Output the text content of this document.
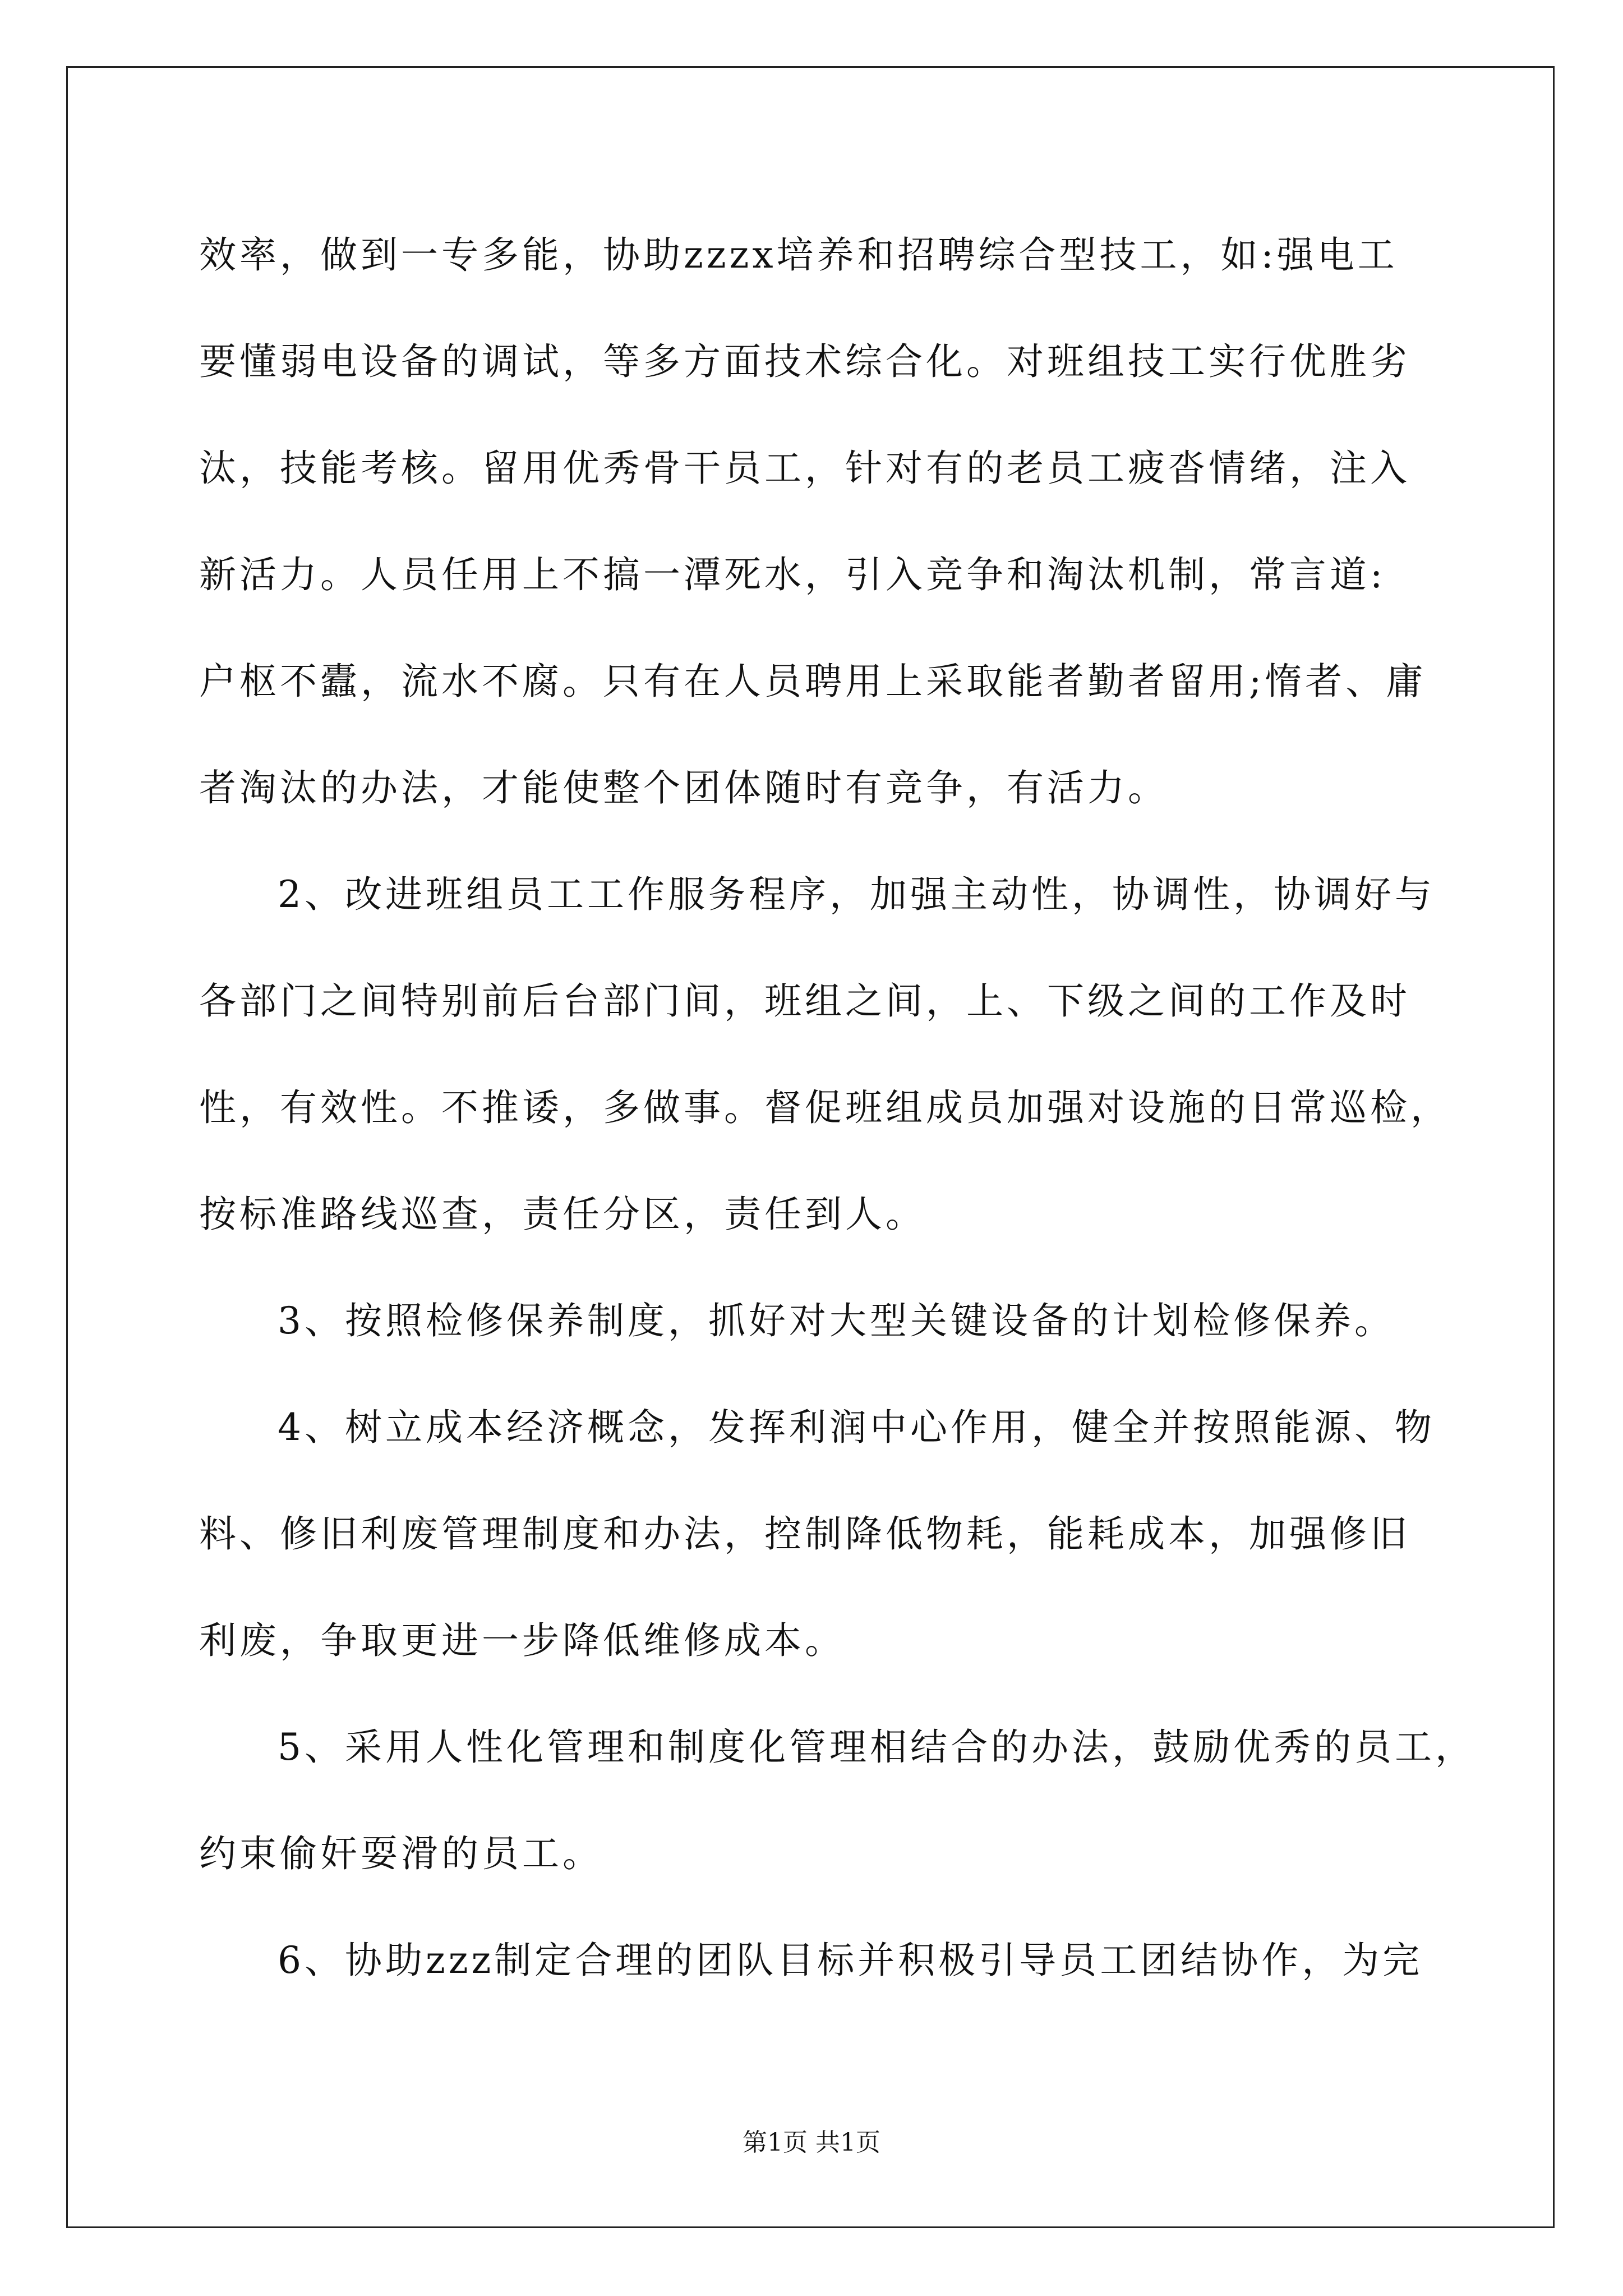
效率，做到一专多能，协助zzzx培养和招聘综合型技工，如:强电工
要懂弱电设备的调试，等多方面技术综合化。对班组技工实行优胜劣
汰，技能考核。留用优秀骨干员工，针对有的老员工疲沓情绪，注入
新活力。人员任用上不搞一潭死水，引入竞争和淘汰机制，常言道:
户枢不蠹，流水不腐。只有在人员聘用上采取能者勤者留用;惰者、庸
者淘汰的办法，才能使整个团体随时有竞争，有活力。
2、改进班组员工工作服务程序，加强主动性，协调性，协调好与
各部门之间特别前后台部门间，班组之间，上、下级之间的工作及时
性，有效性。不推诿，多做事。督促班组成员加强对设施的日常巡检，
按标准路线巡查，责任分区，责任到人。
3、按照检修保养制度，抓好对大型关键设备的计划检修保养。
4、树立成本经济概念，发挥利润中心作用，健全并按照能源、物
料、修旧利废管理制度和办法，控制降低物耗，能耗成本，加强修旧
利废，争取更进一步降低维修成本。
5、采用人性化管理和制度化管理相结合的办法，鼓励优秀的员工，
约束偷奸耍滑的员工。
6、协助zzz制定合理的团队目标并积极引导员工团结协作，为完
第1页 共1页
